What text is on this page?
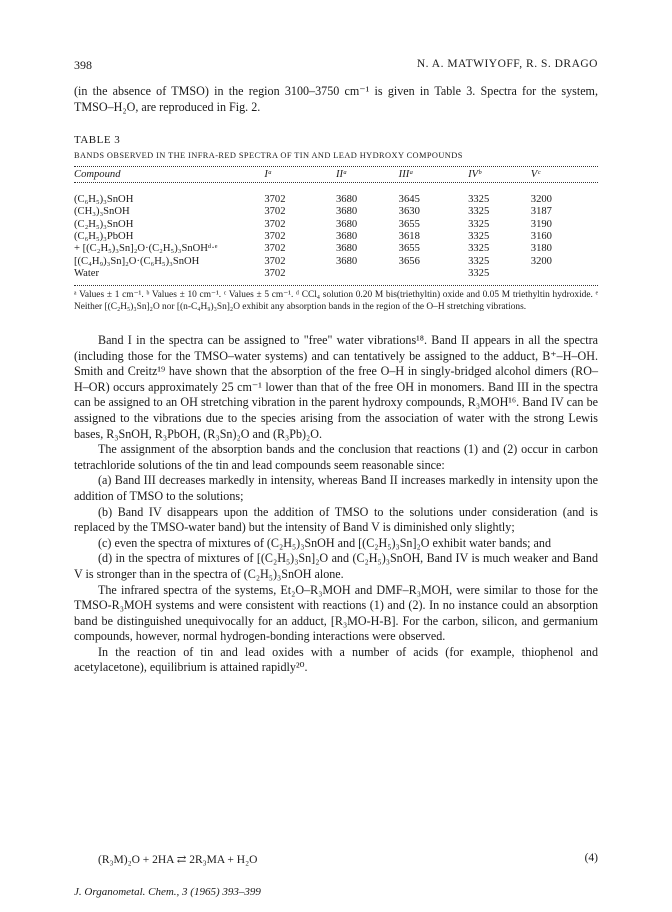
398	N. A. MATWIYOFF, R. S. DRAGO
(in the absence of TMSO) in the region 3100–3750 cm⁻¹ is given in Table 3. Spectra for the system, TMSO–H₂O, are reproduced in Fig. 2.
TABLE 3
BANDS OBSERVED IN THE INFRA-RED SPECTRA OF TIN AND LEAD HYDROXY COMPOUNDS
Compound	Iᵃ	IIᵃ	IIIᵃ	IVᵇ	Vᶜ

(C₆H₅)₃SnOH	3702	3680	3645	3325	3200
(CH₃)₃SnOH	3702	3680	3630	3325	3187
(C₂H₅)₃SnOH	3702	3680	3655	3325	3190
(C₆H₅)₃PbOH	3702	3680	3618	3325	3160
+ [(C₂H₅)₃Sn]₂O·(C₂H₅)₃SnOHᵈ·ᵉ	3702	3680	3655	3325	3180
[(C₄H₉)₃Sn]₂O·(C₆H₅)₃SnOH	3702	3680	3656	3325	3200
Water	3702			3325	
ᵃ Values ± 1 cm⁻¹. ᵇ Values ± 10 cm⁻¹. ᶜ Values ± 5 cm⁻¹. ᵈ CCl₄ solution 0.20 M bis(triethyltin) oxide and 0.05 M triethyltin hydroxide. ᵉ Neither [(C₂H₅)₃Sn]₂O nor [(n-C₄H₉)₃Sn]₂O exhibit any absorption bands in the region of the O–H stretching vibrations.

Band I in the spectra can be assigned to "free" water vibrations¹⁸. Band II appears in all the spectra (including those for the TMSO–water systems) and can tentatively be assigned to the adduct, B⁺–H–OH. Smith and Creitz¹⁹ have shown that the absorption of the free O–H in singly-bridged alcohol dimers (RO–H–OR) occurs approximately 25 cm⁻¹ lower than that of the free OH in monomers. Band III in the spectra can be assigned to an OH stretching vibration in the parent hydroxy compounds, R₃MOH¹⁶. Band IV can be assigned to the vibrations due to the species arising from the association of water with the strong Lewis bases, R₃SnOH, R₃PbOH, (R₃Sn)₂O and (R₃Pb)₂O.

The assignment of the absorption bands and the conclusion that reactions (1) and (2) occur in carbon tetrachloride solutions of the tin and lead compounds seem reasonable since:

(a) Band III decreases markedly in intensity, whereas Band II increases markedly in intensity upon the addition of TMSO to the solutions;

(b) Band IV disappears upon the addition of TMSO to the solutions under consideration (and is replaced by the TMSO-water band) but the intensity of Band V is diminished only slightly;

(c) even the spectra of mixtures of (C₂H₅)₃SnOH and [(C₂H₅)₃Sn]₂O exhibit water bands; and

(d) in the spectra of mixtures of [(C₂H₅)₃Sn]₂O and (C₂H₅)₃SnOH, Band IV is much weaker and Band V is stronger than in the spectra of (C₂H₅)₃SnOH alone.

The infrared spectra of the systems, Et₂O–R₃MOH and DMF–R₃MOH, were similar to those for the TMSO-R₃MOH systems and were consistent with reactions (1) and (2). In no instance could an absorption band be distinguished unequivocally for an adduct, [R₃MO-H-B]. For the carbon, silicon, and germanium compounds, however, normal hydrogen-bonding interactions were observed.

In the reaction of tin and lead oxides with a number of acids (for example, thiophenol and acetylacetone), equilibrium is attained rapidly²⁰.

(R₃M)₂O + 2HA ⇄ 2R₃MA + H₂O	(4)
J. Organometal. Chem., 3 (1965) 393–399
